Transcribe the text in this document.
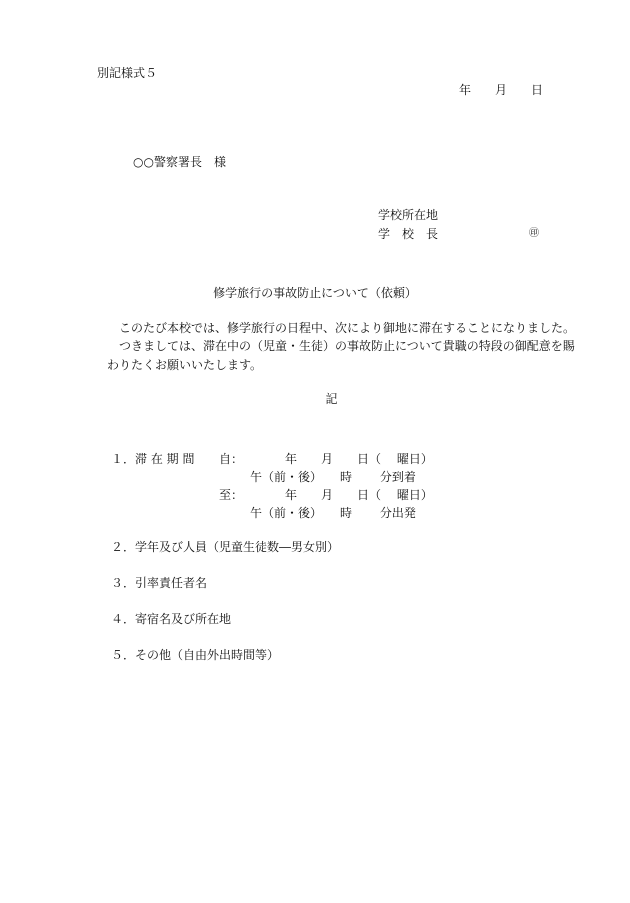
別記様式５
年　　月　　日
○○警察署長　様
学校所在地
学　校　長	㊞
修学旅行の事故防止について（依頼）
このたび本校では、修学旅行の日程中、次により御地に滞在することになりました。
つきましては、滞在中の（児童・生徒）の事故防止について貴職の特段の御配意を賜
わりたくお願いいたします。
記
１．滞 在 期 間 自：　　　　年　　月　　日（　 曜日）
午（前・後）　　時　　 分到着
至：　　　　年　　月　　日（　 曜日）
午（前・後）　　時　　 分出発
２．学年及び人員（児童生徒数―男女別）
３．引率責任者名
４．寄宿名及び所在地
５．その他（自由外出時間等）
